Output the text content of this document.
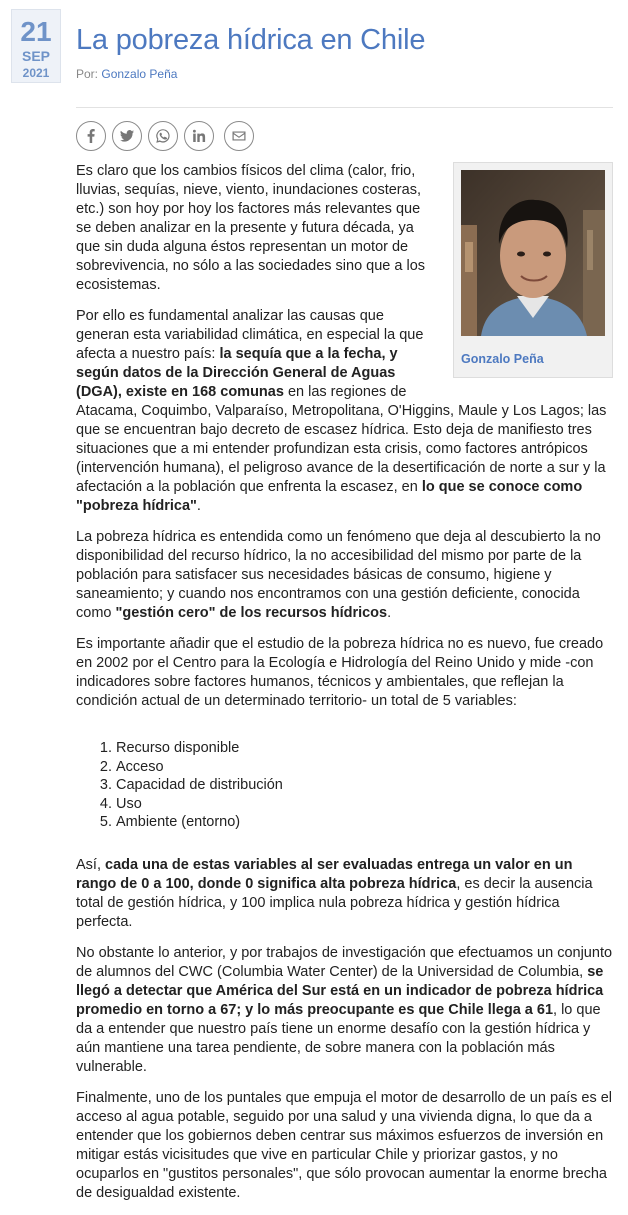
21
SEP
2021
La pobreza hídrica en Chile
Por: Gonzalo Peña
Gonzalo Peña

Es claro que los cambios físicos del clima (calor, frio, lluvias, sequías, nieve, viento, inundaciones costeras, etc.) son hoy por hoy los factores más relevantes que se deben analizar en la presente y futura década, ya que sin duda alguna éstos representan un motor de sobrevivencia, no sólo a las sociedades sino que a los ecosistemas.

Por ello es fundamental analizar las causas que generan esta variabilidad climática, en especial la que afecta a nuestro país: la sequía que a la fecha, y según datos de la Dirección General de Aguas (DGA), existe en 168 comunas en las regiones de Atacama, Coquimbo, Valparaíso, Metropolitana, O'Higgins, Maule y Los Lagos; las que se encuentran bajo decreto de escasez hídrica. Esto deja de manifiesto tres situaciones que a mi entender profundizan esta crisis, como factores antrópicos (intervención humana), el peligroso avance de la desertificación de norte a sur y la afectación a la población que enfrenta la escasez, en lo que se conoce como "pobreza hídrica".

La pobreza hídrica es entendida como un fenómeno que deja al descubierto la no disponibilidad del recurso hídrico, la no accesibilidad del mismo por parte de la población para satisfacer sus necesidades básicas de consumo, higiene y saneamiento; y cuando nos encontramos con una gestión deficiente, conocida como "gestión cero" de los recursos hídricos.

Es importante añadir que el estudio de la pobreza hídrica no es nuevo, fue creado en 2002 por el Centro para la Ecología e Hidrología del Reino Unido y mide -con indicadores sobre factores humanos, técnicos y ambientales, que reflejan la condición actual de un determinado territorio- un total de 5 variables:

1. Recurso disponible
2. Acceso
3. Capacidad de distribución
4. Uso
5. Ambiente (entorno)

Así, cada una de estas variables al ser evaluadas entrega un valor en un rango de 0 a 100, donde 0 significa alta pobreza hídrica, es decir la ausencia total de gestión hídrica, y 100 implica nula pobreza hídrica y gestión hídrica perfecta.

No obstante lo anterior, y por trabajos de investigación que efectuamos un conjunto de alumnos del CWC (Columbia Water Center) de la Universidad de Columbia, se llegó a detectar que América del Sur está en un indicador de pobreza hídrica promedio en torno a 67; y lo más preocupante es que Chile llega a 61, lo que da a entender que nuestro país tiene un enorme desafío con la gestión hídrica y aún mantiene una tarea pendiente, de sobre manera con la población más vulnerable.

Finalmente, uno de los puntales que empuja el motor de desarrollo de un país es el acceso al agua potable, seguido por una salud y una vivienda digna, lo que da a entender que los gobiernos deben centrar sus máximos esfuerzos de inversión en mitigar estás vicisitudes que vive en particular Chile y priorizar gastos, y no ocuparlos en "gustitos personales", que sólo provocan aumentar la enorme brecha de desigualdad existente.
